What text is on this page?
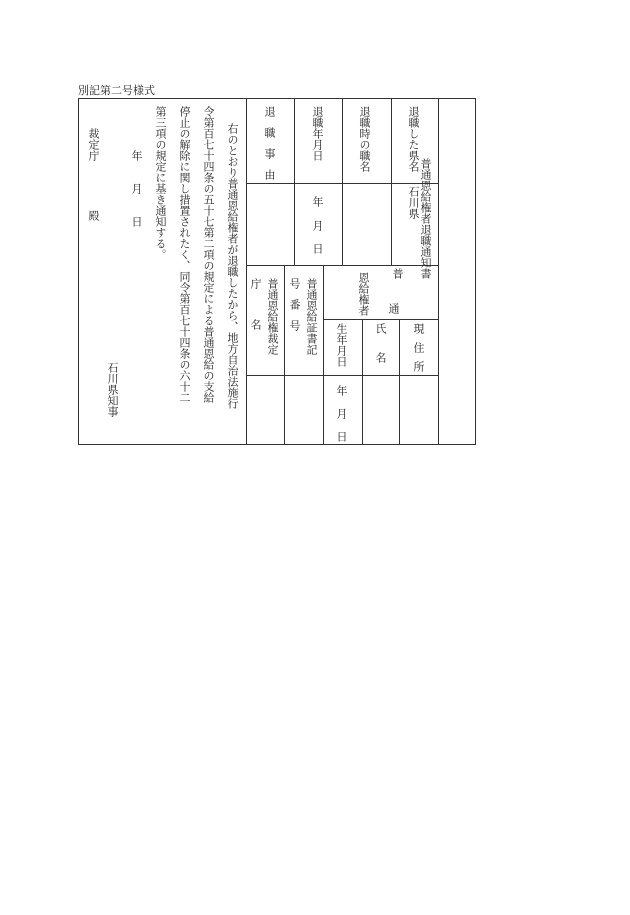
別記第二号様式
普通恩給権者退職通知書
退職した県名
石川県
退職時の職名
退職年月日
年
月
日
退職事由
普
恩給権者 通
現住所
氏名
生年月日
年
月
日
普通恩給証書記
号番号
普通恩給権裁定
庁名
右のとおり普通恩給権者が退職したから、地方自治法施行
令第百七十四条の五十七第二項の規定による普通恩給の支給
停止の解除に関し措置されたく、同令第百七十四条の六十二
第三項の規定に基き通知する。
年
月
日
裁定庁
殿
石川県知事
